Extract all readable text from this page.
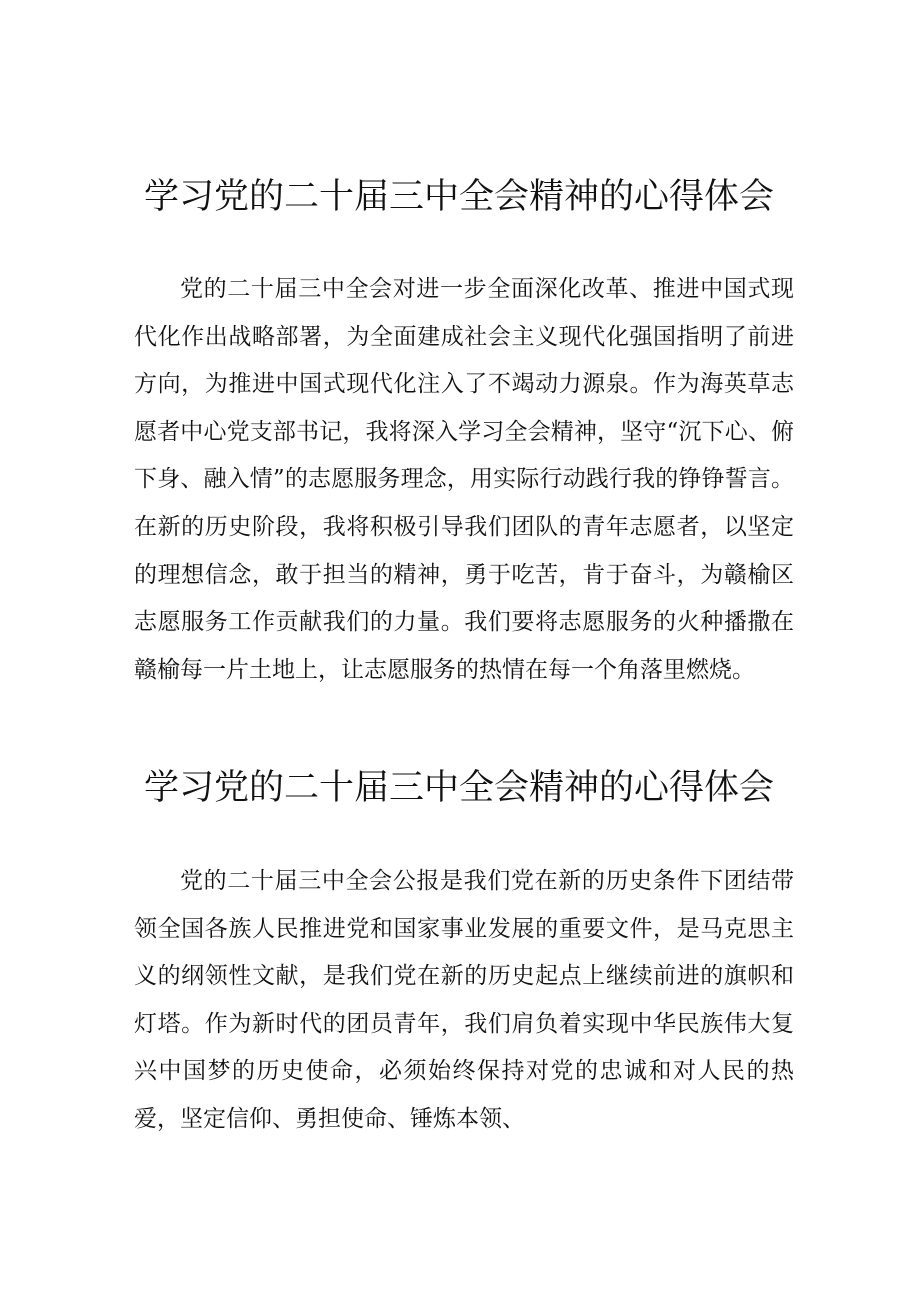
学习党的二十届三中全会精神的心得体会

党的二十届三中全会对进一步全面深化改革、推进中国式现代化作出战略部署，为全面建成社会主义现代化强国指明了前进方向，为推进中国式现代化注入了不竭动力源泉。作为海英草志愿者中心党支部书记，我将深入学习全会精神，坚守“沉下心、俯下身、融入情”的志愿服务理念，用实际行动践行我的铮铮誓言。在新的历史阶段，我将积极引导我们团队的青年志愿者，以坚定的理想信念，敢于担当的精神，勇于吃苦，肯于奋斗，为赣榆区志愿服务工作贡献我们的力量。我们要将志愿服务的火种播撒在赣榆每一片土地上，让志愿服务的热情在每一个角落里燃烧。

学习党的二十届三中全会精神的心得体会

党的二十届三中全会公报是我们党在新的历史条件下团结带领全国各族人民推进党和国家事业发展的重要文件，是马克思主义的纲领性文献，是我们党在新的历史起点上继续前进的旗帜和灯塔。作为新时代的团员青年，我们肩负着实现中华民族伟大复兴中国梦的历史使命，必须始终保持对党的忠诚和对人民的热爱，坚定信仰、勇担使命、锤炼本领、
